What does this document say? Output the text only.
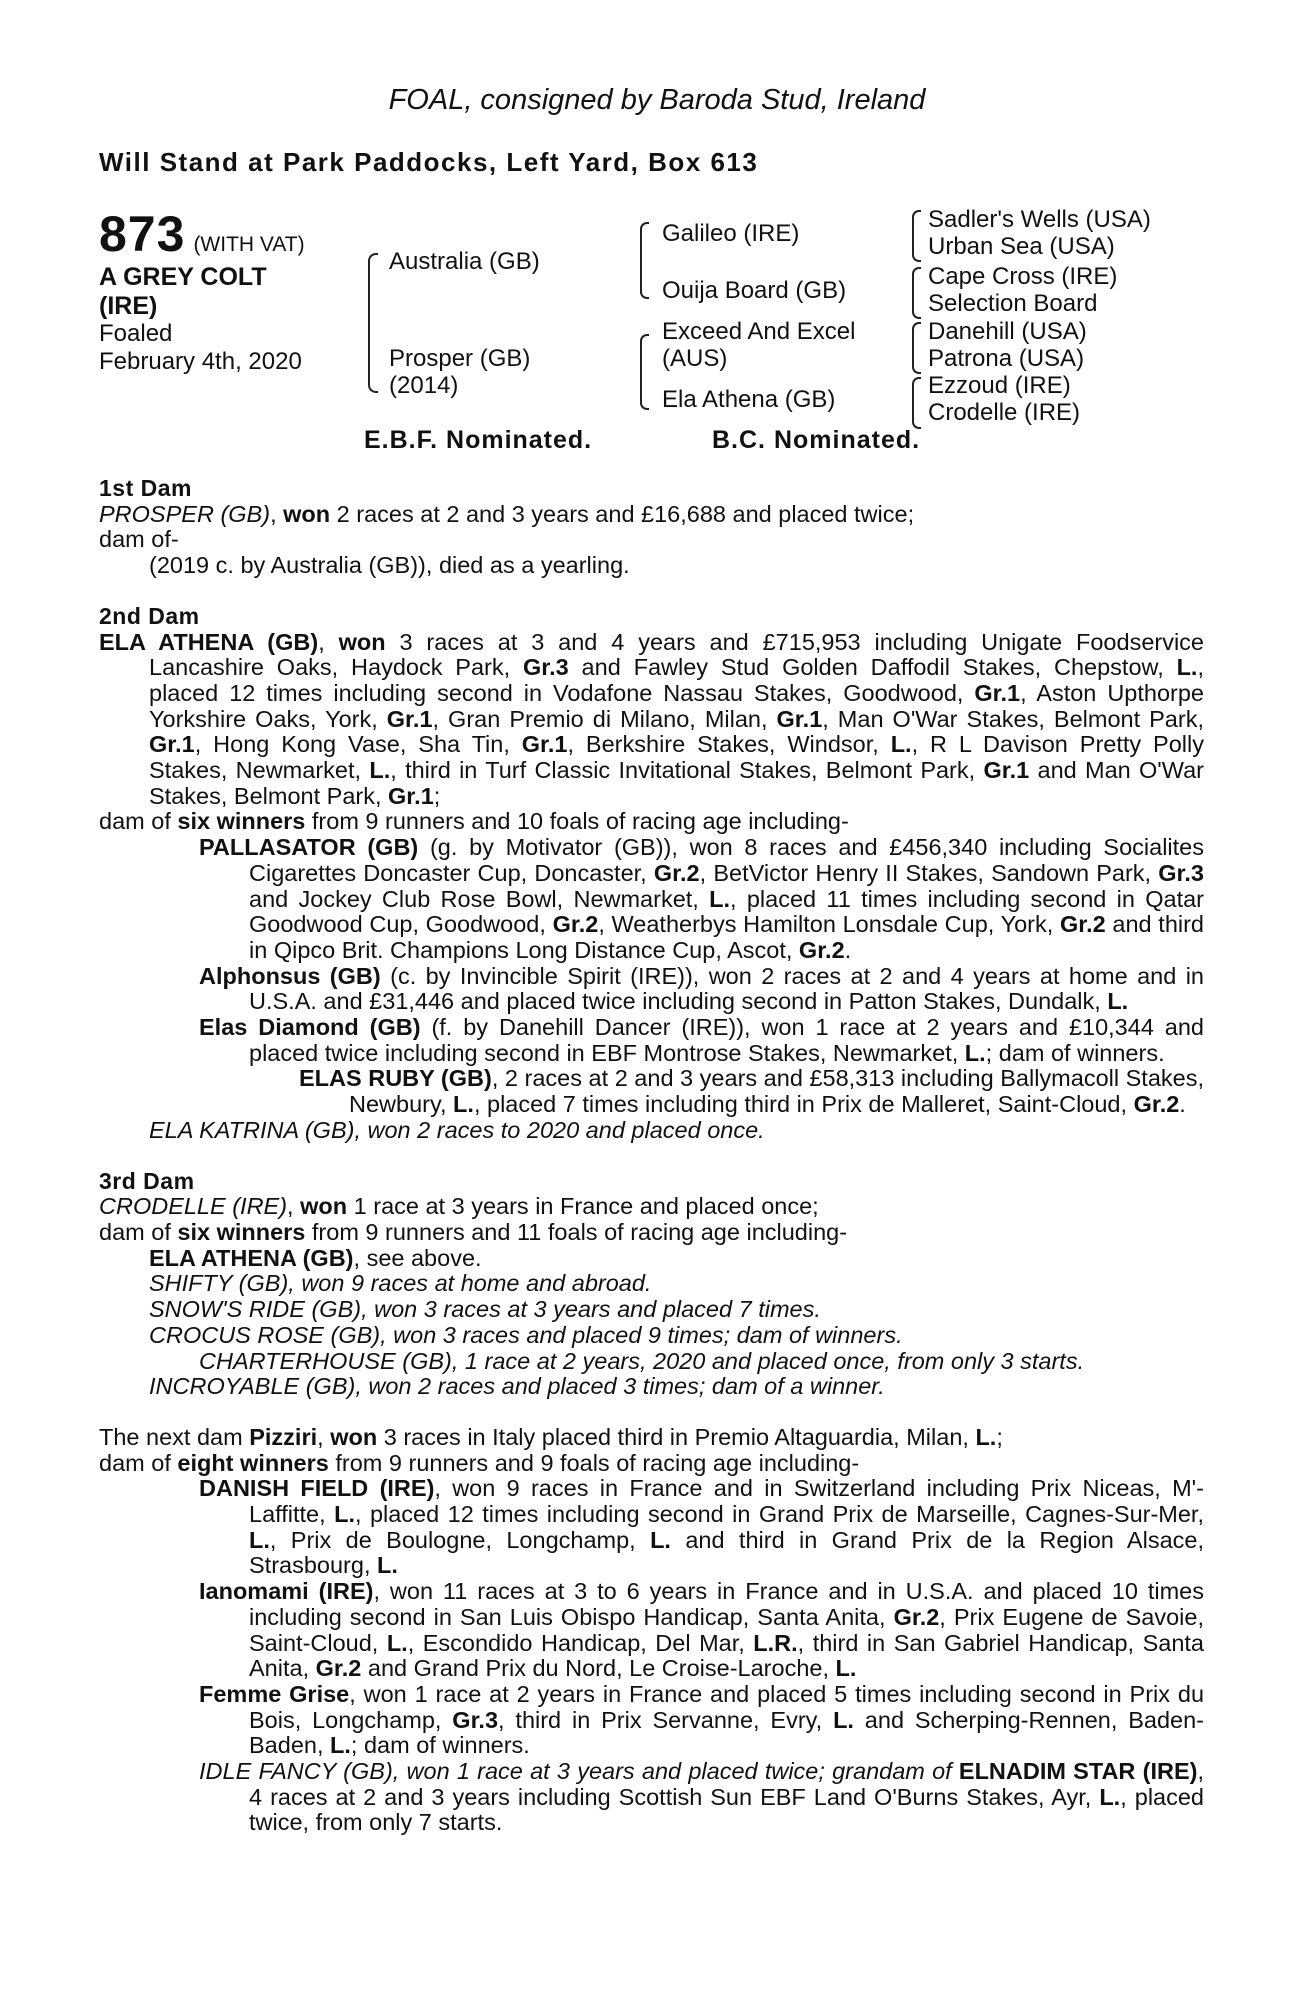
FOAL, consigned by Baroda Stud, Ireland
Will Stand at Park Paddocks, Left Yard, Box 613
873 (WITH VAT)
A GREY COLT
(IRE)
Foaled
February 4th, 2020
Australia (GB)
Prosper (GB)
(2014)
Galileo (IRE)
Ouija Board (GB)
Exceed And Excel
(AUS)
Ela Athena (GB)
Sadler's Wells (USA)
Urban Sea (USA)
Cape Cross (IRE)
Selection Board
Danehill (USA)
Patrona (USA)
Ezzoud (IRE)
Crodelle (IRE)
E.B.F. Nominated.	B.C. Nominated.
1st Dam

PROSPER (GB), won 2 races at 2 and 3 years and £16,688 and placed twice;

dam of-

(2019 c. by Australia (GB)), died as a yearling.

2nd Dam

ELA ATHENA (GB), won 3 races at 3 and 4 years and £715,953 including Unigate Foodservice Lancashire Oaks, Haydock Park, Gr.3 and Fawley Stud Golden Daffodil Stakes, Chepstow, L., placed 12 times including second in Vodafone Nassau Stakes, Goodwood, Gr.1, Aston Upthorpe Yorkshire Oaks, York, Gr.1, Gran Premio di Milano, Milan, Gr.1, Man O'War Stakes, Belmont Park, Gr.1, Hong Kong Vase, Sha Tin, Gr.1, Berkshire Stakes, Windsor, L., R L Davison Pretty Polly Stakes, Newmarket, L., third in Turf Classic Invitational Stakes, Belmont Park, Gr.1 and Man O'War Stakes, Belmont Park, Gr.1;

dam of six winners from 9 runners and 10 foals of racing age including-

PALLASATOR (GB) (g. by Motivator (GB)), won 8 races and £456,340 including Socialites Cigarettes Doncaster Cup, Doncaster, Gr.2, BetVictor Henry II Stakes, Sandown Park, Gr.3 and Jockey Club Rose Bowl, Newmarket, L., placed 11 times including second in Qatar Goodwood Cup, Goodwood, Gr.2, Weatherbys Hamilton Lonsdale Cup, York, Gr.2 and third in Qipco Brit. Champions Long Distance Cup, Ascot, Gr.2.

Alphonsus (GB) (c. by Invincible Spirit (IRE)), won 2 races at 2 and 4 years at home and in U.S.A. and £31,446 and placed twice including second in Patton Stakes, Dundalk, L.

Elas Diamond (GB) (f. by Danehill Dancer (IRE)), won 1 race at 2 years and £10,344 and placed twice including second in EBF Montrose Stakes, Newmarket, L.; dam of winners.

ELAS RUBY (GB), 2 races at 2 and 3 years and £58,313 including Ballymacoll Stakes, Newbury, L., placed 7 times including third in Prix de Malleret, Saint-Cloud, Gr.2.

ELA KATRINA (GB), won 2 races to 2020 and placed once.

3rd Dam

CRODELLE (IRE), won 1 race at 3 years in France and placed once;

dam of six winners from 9 runners and 11 foals of racing age including-

ELA ATHENA (GB), see above.

SHIFTY (GB), won 9 races at home and abroad.

SNOW'S RIDE (GB), won 3 races at 3 years and placed 7 times.

CROCUS ROSE (GB), won 3 races and placed 9 times; dam of winners.

CHARTERHOUSE (GB), 1 race at 2 years, 2020 and placed once, from only 3 starts.

INCROYABLE (GB), won 2 races and placed 3 times; dam of a winner.

The next dam Pizziri, won 3 races in Italy placed third in Premio Altaguardia, Milan, L.;

dam of eight winners from 9 runners and 9 foals of racing age including-

DANISH FIELD (IRE), won 9 races in France and in Switzerland including Prix Niceas, M'-Laffitte, L., placed 12 times including second in Grand Prix de Marseille, Cagnes-Sur-Mer, L., Prix de Boulogne, Longchamp, L. and third in Grand Prix de la Region Alsace, Strasbourg, L.

Ianomami (IRE), won 11 races at 3 to 6 years in France and in U.S.A. and placed 10 times including second in San Luis Obispo Handicap, Santa Anita, Gr.2, Prix Eugene de Savoie, Saint-Cloud, L., Escondido Handicap, Del Mar, L.R., third in San Gabriel Handicap, Santa Anita, Gr.2 and Grand Prix du Nord, Le Croise-Laroche, L.

Femme Grise, won 1 race at 2 years in France and placed 5 times including second in Prix du Bois, Longchamp, Gr.3, third in Prix Servanne, Evry, L. and Scherping-Rennen, Baden-Baden, L.; dam of winners.

IDLE FANCY (GB), won 1 race at 3 years and placed twice; grandam of ELNADIM STAR (IRE), 4 races at 2 and 3 years including Scottish Sun EBF Land O'Burns Stakes, Ayr, L., placed twice, from only 7 starts.
